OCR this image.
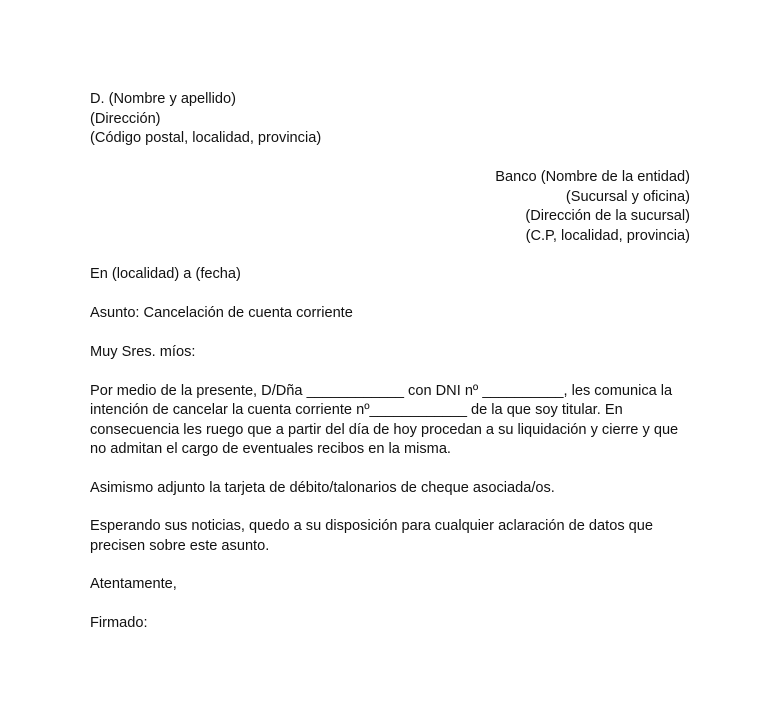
D. (Nombre y apellido)
(Dirección)
(Código postal, localidad, provincia)
Banco (Nombre de la entidad)
(Sucursal y oficina)
(Dirección de la sucursal)
(C.P, localidad, provincia)
En (localidad) a (fecha)
Asunto: Cancelación de cuenta corriente
Muy Sres. míos:
Por medio de la presente, D/Dña ____________ con DNI nº __________, les comunica la
intención de cancelar la cuenta corriente nº____________ de la que soy titular. En
consecuencia les ruego que a partir del día de hoy procedan a su liquidación y cierre y que
no admitan el cargo de eventuales recibos en la misma.
Asimismo adjunto la tarjeta de débito/talonarios de cheque asociada/os.
Esperando sus noticias, quedo a su disposición para cualquier aclaración de datos que
precisen sobre este asunto.
Atentamente,
Firmado:
